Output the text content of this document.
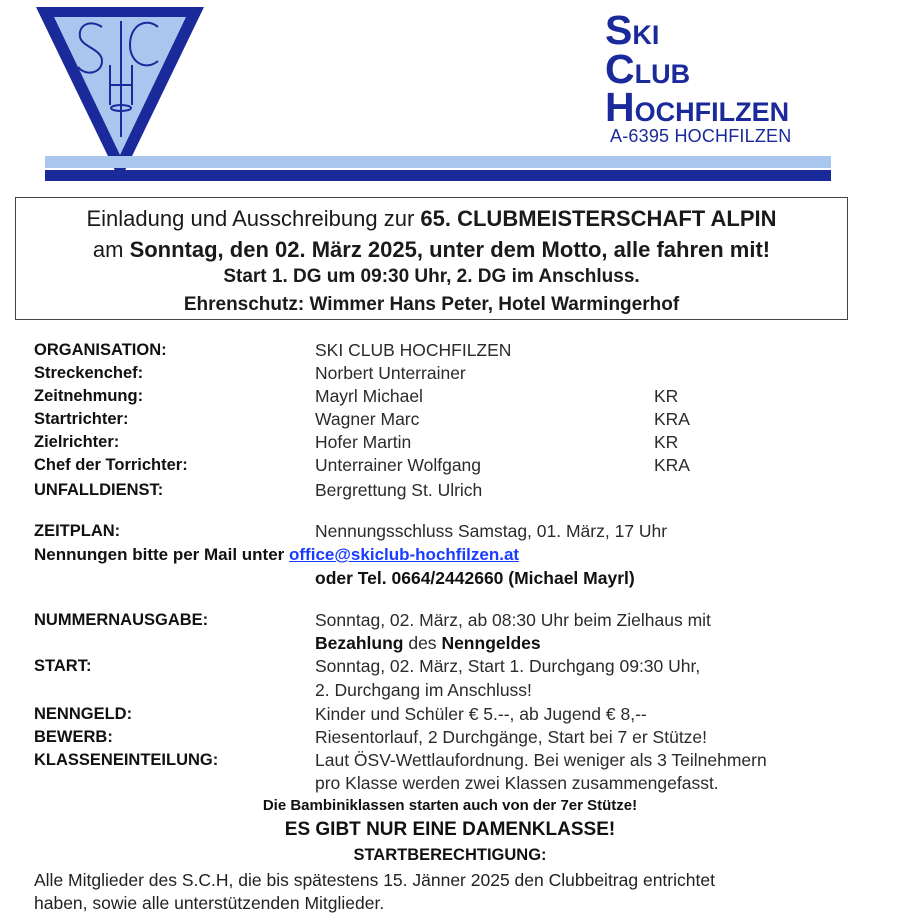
SKI
CLUB
HOCHFILZEN
A-6395 HOCHFILZEN
Einladung und Ausschreibung zur 65. CLUBMEISTERSCHAFT ALPIN
am Sonntag, den 02. März 2025, unter dem Motto, alle fahren mit!
Start 1. DG um 09:30 Uhr, 2. DG im Anschluss.
Ehrenschutz: Wimmer Hans Peter, Hotel Warmingerhof
ORGANISATION:	SKI CLUB HOCHFILZEN
Streckenchef:	Norbert Unterrainer
Zeitnehmung:	Mayrl Michael	KR
Startrichter:	Wagner Marc	KRA
Zielrichter:	Hofer Martin	KR
Chef der Torrichter:	Unterrainer Wolfgang	KRA
UNFALLDIENST:	Bergrettung St. Ulrich
ZEITPLAN:	Nennungsschluss Samstag, 01. März, 17 Uhr
Nennungen bitte per Mail unter office@skiclub-hochfilzen.at
oder Tel. 0664/2442660 (Michael Mayrl)
NUMMERNAUSGABE:	Sonntag, 02. März, ab 08:30 Uhr beim Zielhaus mit
Bezahlung des Nenngeldes
START:	Sonntag, 02. März, Start 1. Durchgang 09:30 Uhr,
2. Durchgang im Anschluss!
NENNGELD:	Kinder und Schüler € 5.--, ab Jugend € 8,--
BEWERB:	Riesentorlauf, 2 Durchgänge, Start bei 7 er Stütze!
KLASSENEINTEILUNG:	Laut ÖSV-Wettlaufordnung. Bei weniger als 3 Teilnehmern
pro Klasse werden zwei Klassen zusammengefasst.
Die Bambiniklassen starten auch von der 7er Stütze!
ES GIBT NUR EINE DAMENKLASSE!
STARTBERECHTIGUNG:
Alle Mitglieder des S.C.H, die bis spätestens 15. Jänner 2025 den Clubbeitrag entrichtet
haben, sowie alle unterstützenden Mitglieder.
